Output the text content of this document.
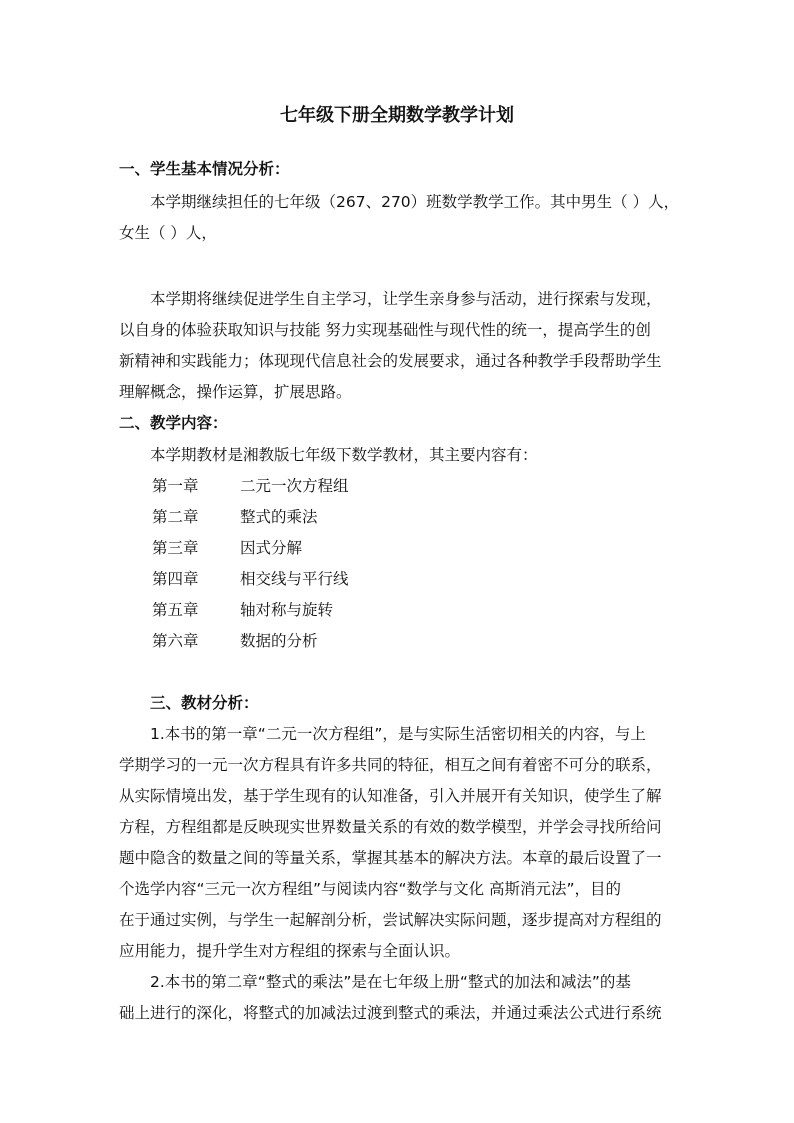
七年级下册全期数学教学计划
一、学生基本情况分析：
本学期继续担任的七年级（267、270）班数学教学工作。其中男生（ ）人，
女生（ ）人，
本学期将继续促进学生自主学习，让学生亲身参与活动，进行探索与发现，
以自身的体验获取知识与技能 努力实现基础性与现代性的统一，提高学生的创
新精神和实践能力；体现现代信息社会的发展要求，通过各种教学手段帮助学生
理解概念，操作运算，扩展思路。
二、教学内容：
本学期教材是湘教版七年级下数学教材，其主要内容有：
第一章	二元一次方程组
第二章	整式的乘法
第三章	因式分解
第四章	相交线与平行线
第五章	轴对称与旋转
第六章	数据的分析
三、教材分析：
1.本书的第一章“二元一次方程组”，是与实际生活密切相关的内容，与上
学期学习的一元一次方程具有许多共同的特征，相互之间有着密不可分的联系，
从实际情境出发，基于学生现有的认知准备，引入并展开有关知识，使学生了解
方程，方程组都是反映现实世界数量关系的有效的数学模型，并学会寻找所给问
题中隐含的数量之间的等量关系，掌握其基本的解决方法。本章的最后设置了一
个选学内容“三元一次方程组”与阅读内容“数学与文化 高斯消元法”，目的
在于通过实例，与学生一起解剖分析，尝试解决实际问题，逐步提高对方程组的
应用能力，提升学生对方程组的探索与全面认识。
2.本书的第二章“整式的乘法”是在七年级上册“整式的加法和减法”的基
础上进行的深化，将整式的加减法过渡到整式的乘法，并通过乘法公式进行系统
